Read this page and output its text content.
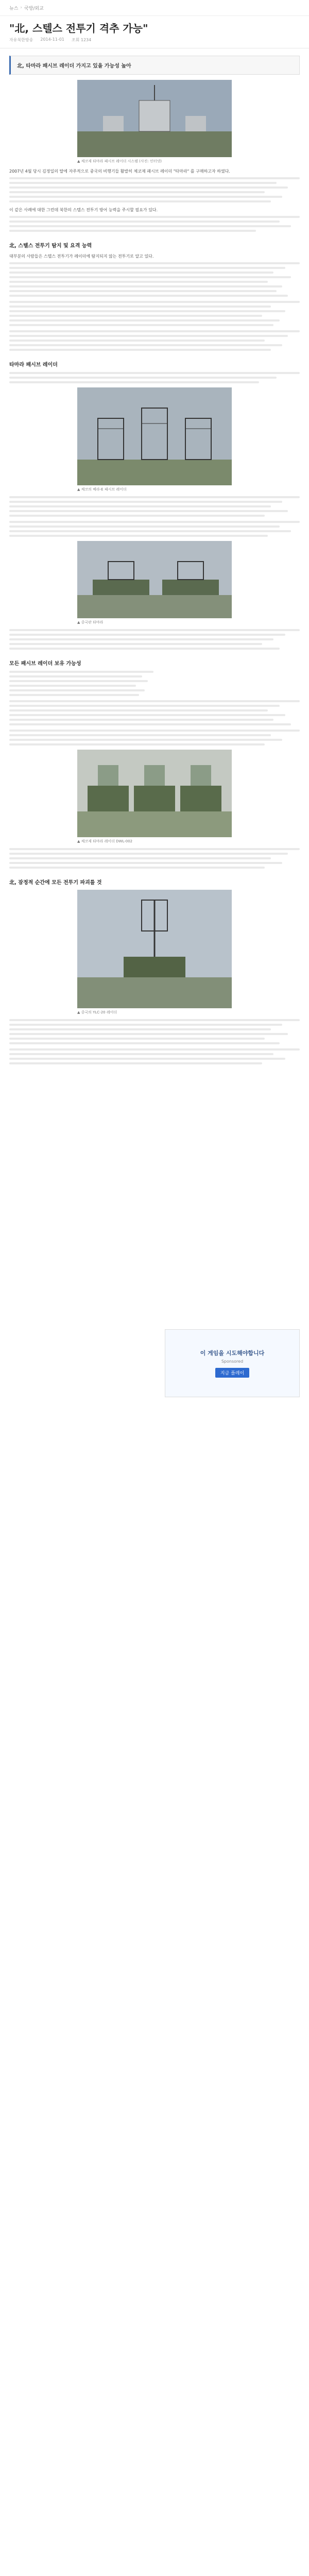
뉴스 › 국방/외교
"北, 스텔스 전투기 격추 가능"
자유북한방송 2014-11-01 조회 1234
北, 타마라 패시브 레이더 가지고 있을 가능성 높아
▲ 체코제 타마라 패시브 레이더 시스템 (사진: 인터넷)
2007년 4월 당시 김정일의 딸에 자주적으로 중국의 비행기들 활발히 체코제 패시브 레이더 "타마라" 를 구매하고자 하였다.
이 같은 사례에 대한 그런데 북한의 스텔스 전투기 방어 능력을 주시할 필요가 있다.
北, 스텔스 전투기 탐지 및 요격 능력
대부분의 사람들은 스텔스 전투기가 레이더에 탐지되지 않는 전투기로 알고 있다.
타마라 패시브 레이더
▲ 체코의 베라-E 패시브 레이더
▲ 중국판 타마라
모든 패시브 레이더 보유 가능성
▲ 체코제 타마라 레이더 DWL-002
北, 잠정적 순간에 모든 전투기 파괴를 것
▲ 중국의 YLC-20 레이더
이 게임을 시도해야합니다
Sponsored
지금 플레이
